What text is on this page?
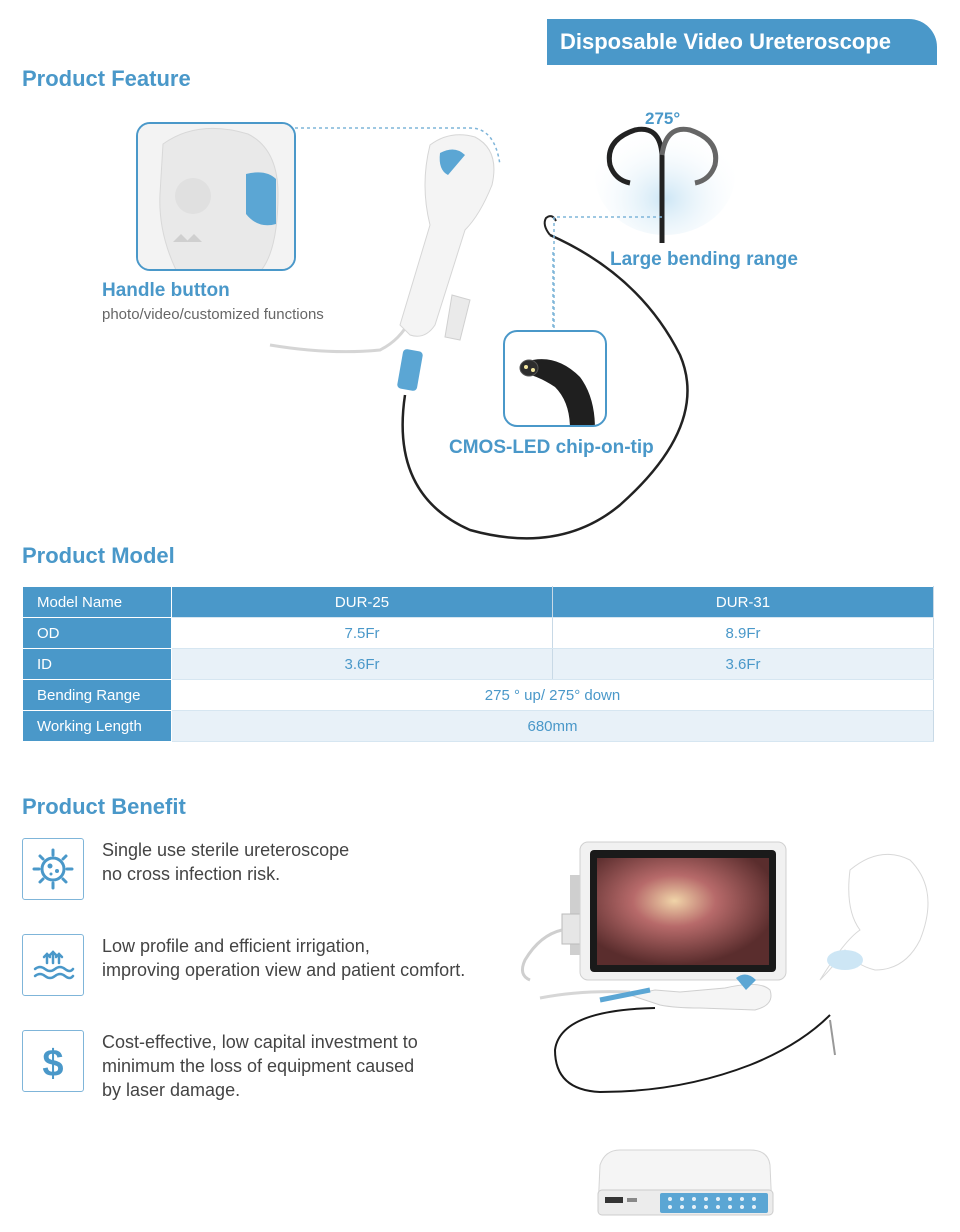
Disposable Video Ureteroscope
Product Feature
275°
Large bending range
Handle button
photo/video/customized functions
CMOS-LED chip-on-tip
Product Model
Model Name	DUR-25	DUR-31
OD	7.5Fr	8.9Fr
ID	3.6Fr	3.6Fr
Bending Range	275 ° up/ 275° down	
Working Length	680mm	
Product Benefit
Single use sterile ureteroscope
no cross infection risk.
Low profile and efficient irrigation,
improving operation view and patient comfort.
$
Cost-effective, low capital investment to
minimum the loss of equipment caused
by laser damage.
